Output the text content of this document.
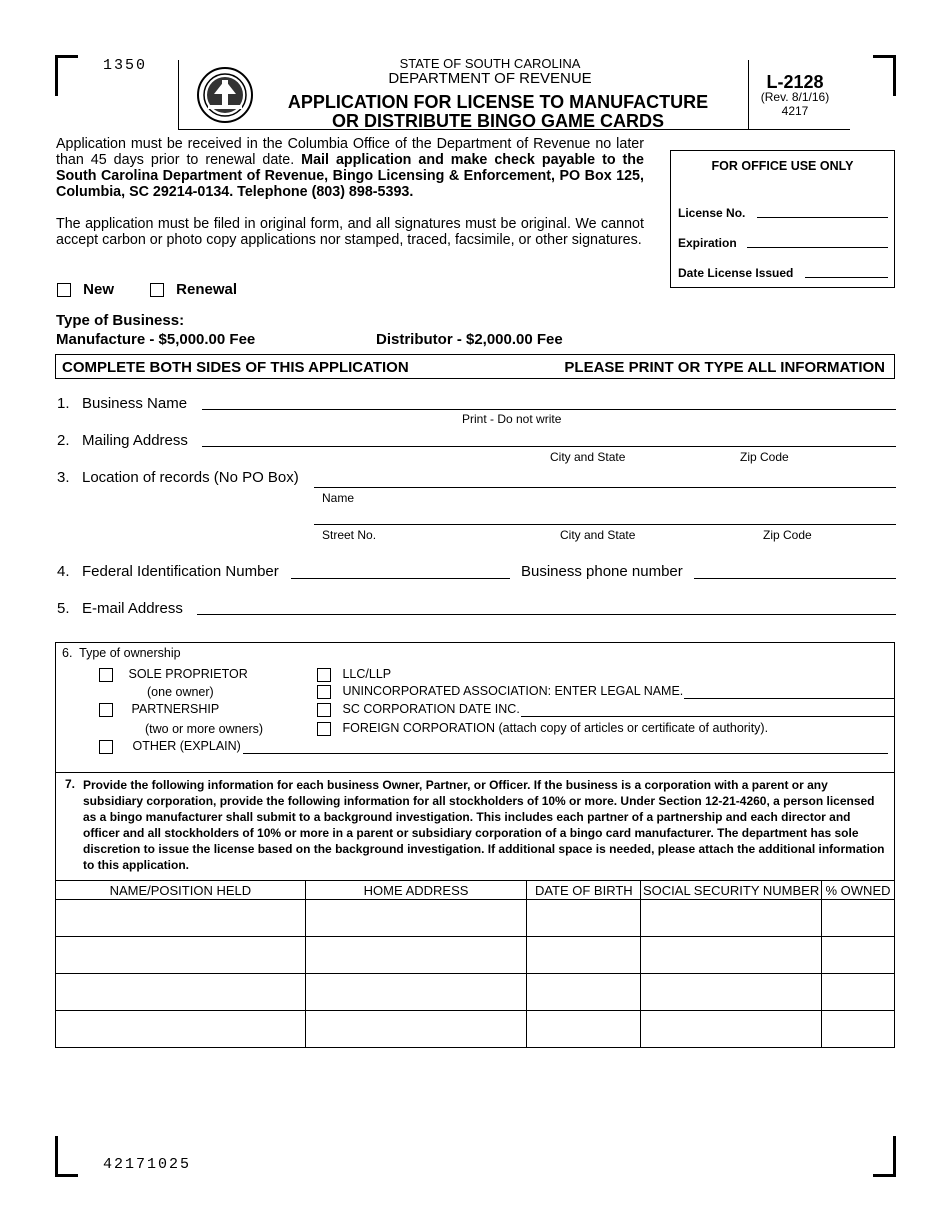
1350	STATE OF SOUTH CAROLINA
DEPARTMENT OF REVENUE
APPLICATION FOR LICENSE TO MANUFACTURE
OR DISTRIBUTE BINGO GAME CARDS
L-2128
(Rev. 8/1/16)
4217
Application must be received in the Columbia Office of the Department of Revenue no later than 45 days prior to renewal date. Mail application and make check payable to the South Carolina Department of Revenue, Bingo Licensing & Enforcement, PO Box 125, Columbia, SC 29214-0134. Telephone (803) 898-5393.
The application must be filed in original form, and all signatures must be original. We cannot accept carbon or photo copy applications nor stamped, traced, facsimile, or other signatures.
FOR OFFICE USE ONLY
License No.
Expiration
Date License Issued
New	Renewal
Type of Business:
Manufacture - $5,000.00 Fee	Distributor - $2,000.00 Fee
COMPLETE BOTH SIDES OF THIS APPLICATION	PLEASE PRINT OR TYPE ALL INFORMATION
1. Business Name
Print - Do not write
2. Mailing Address
City and State	Zip Code
3. Location of records (No PO Box)
Name
Street No.	City and State	Zip Code
4. Federal Identification Number	Business phone number
5. E-mail Address
6.  Type of ownership
SOLE PROPRIETOR
(one owner)
PARTNERSHIP
(two or more owners)
OTHER (EXPLAIN)
LLC/LLP
UNINCORPORATED ASSOCIATION: ENTER LEGAL NAME.
SC CORPORATION DATE INC.
FOREIGN CORPORATION (attach copy of articles or certificate of authority).
7. Provide the following information for each business Owner, Partner, or Officer. If the business is a corporation with a parent or any subsidiary corporation, provide the following information for all stockholders of 10% or more. Under Section 12-21-4260, a person licensed as a bingo manufacturer shall submit to a background investigation. This includes each partner of a partnership and each director and officer and all stockholders of 10% or more in a parent or subsidiary corporation of a bingo card manufacturer. The department has sole discretion to issue the license based on the background investigation. If additional space is needed, please attach the additional information to this application.
NAME/POSITION HELD	HOME ADDRESS	DATE OF BIRTH	SOCIAL SECURITY NUMBER	% OWNED

42171025
